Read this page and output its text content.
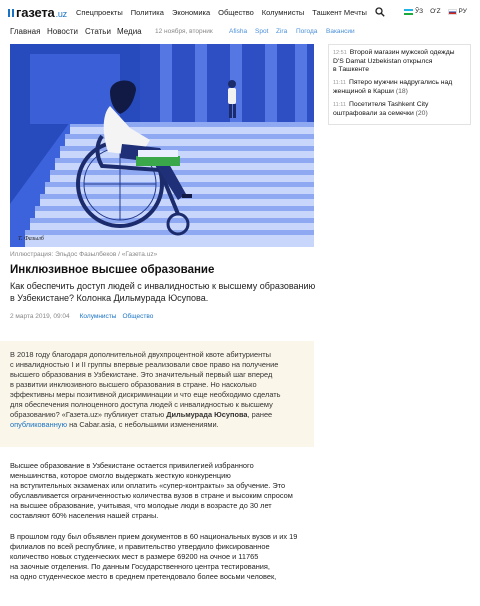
газета .uz Спецпроекты Политика Экономика Общество Колумнисты Ташкент Мечты	ЎЗ O‘Z	РУ
Главная Новости Статьи Медиа 12 ноября, вторник	Afisha Spot Zira Погода Вакансии
Т. Фазылб
Иллюстрация: Эльдос Фазылбеков / «Газета.uz»
Инклюзивное высшее образование
Как обеспечить доступ людей с инвалидностью к высшему образованию
в Узбекистане? Колонка Дильмурада Юсупова.
2 марта 2019, 09:04 Колумнисты Общество
В 2018 году благодаря дополнительной двухпроцентной квоте абитуриенты
с инвалидностью I и II группы впервые реализовали свое право на получение
высшего образования в Узбекистане. Это значительный первый шаг вперед
в развитии инклюзивного высшего образования в стране. Но насколько
эффективны меры позитивной дискриминации и что еще необходимо сделать
для обеспечения полноценного доступа людей с инвалидностью к высшему
образованию? «Газета.uz» публикует статью Дильмурада Юсупова, ранее
опубликованную на Cabar.asia, с небольшими изменениями.
Высшее образование в Узбекистане остается привилегией избранного
меньшинства, которое смогло выдержать жесткую конкуренцию
на вступительных экзаменах или оплатить «супер-контракты» за обучение. Это
обуславливается ограниченностью количества вузов в стране и высоким спросом
на высшее образование, учитывая, что молодые люди в возрасте до 30 лет
составляют 60% населения нашей страны.
В прошлом году был объявлен прием документов в 60 национальных вузов и их 19
филиалов по всей республике, и правительство утвердило фиксированное
количество новых студенческих мест в размере 69200 на очное и 11765
на заочные отделения. По данным Государственного центра тестирования,
на одно студенческое место в среднем претендовало более восьми человек,
12:51 Второй магазин мужской одежды
D'S Damat Uzbekistan открылся
в Ташкенте
11:11 Пятеро мужчин надругались над
женщиной в Карши (18)
11:11 Посетителя Tashkent City
оштрафовали за семечки (20)
